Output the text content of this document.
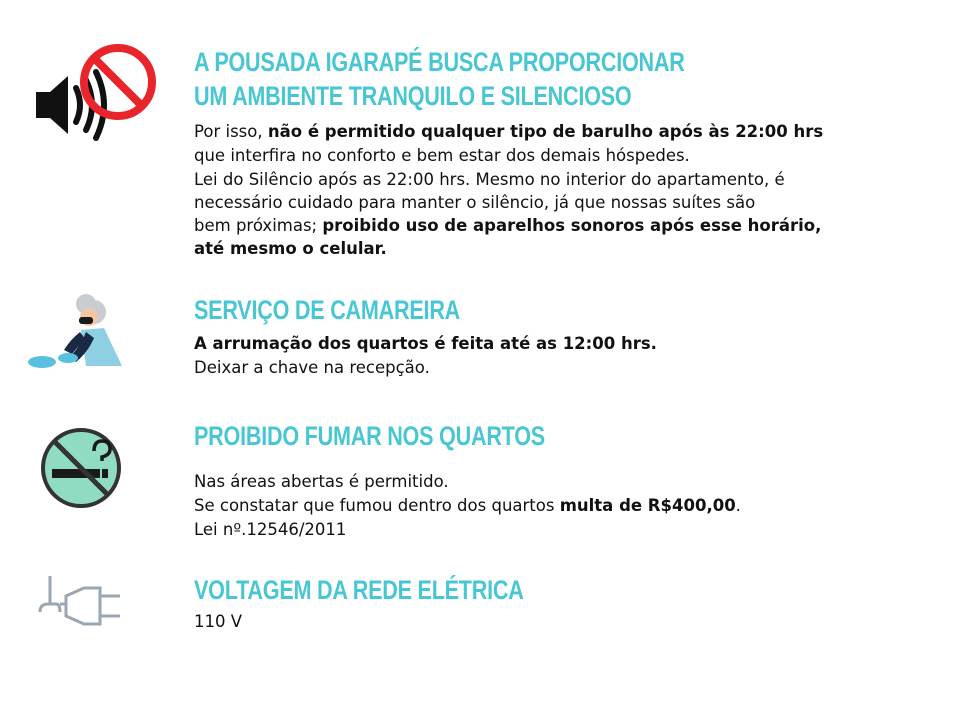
A POUSADA IGARAPÉ BUSCA PROPORCIONAR
UM AMBIENTE TRANQUILO E SILENCIOSO

Por isso, não é permitido qualquer tipo de barulho após às 22:00 hrs

que interfira no conforto e bem estar dos demais hóspedes.

Lei do Silêncio após as 22:00 hrs. Mesmo no interior do apartamento, é

necessário cuidado para manter o silêncio, já que nossas suítes são

bem próximas; proibido uso de aparelhos sonoros após esse horário,

até mesmo o celular.

SERVIÇO DE CAMAREIRA

A arrumação dos quartos é feita até as 12:00 hrs.

Deixar a chave na recepção.

PROIBIDO FUMAR NOS QUARTOS

Nas áreas abertas é permitido.

Se constatar que fumou dentro dos quartos multa de R$400,00.

Lei nº.12546/2011

VOLTAGEM DA REDE ELÉTRICA

110 V
